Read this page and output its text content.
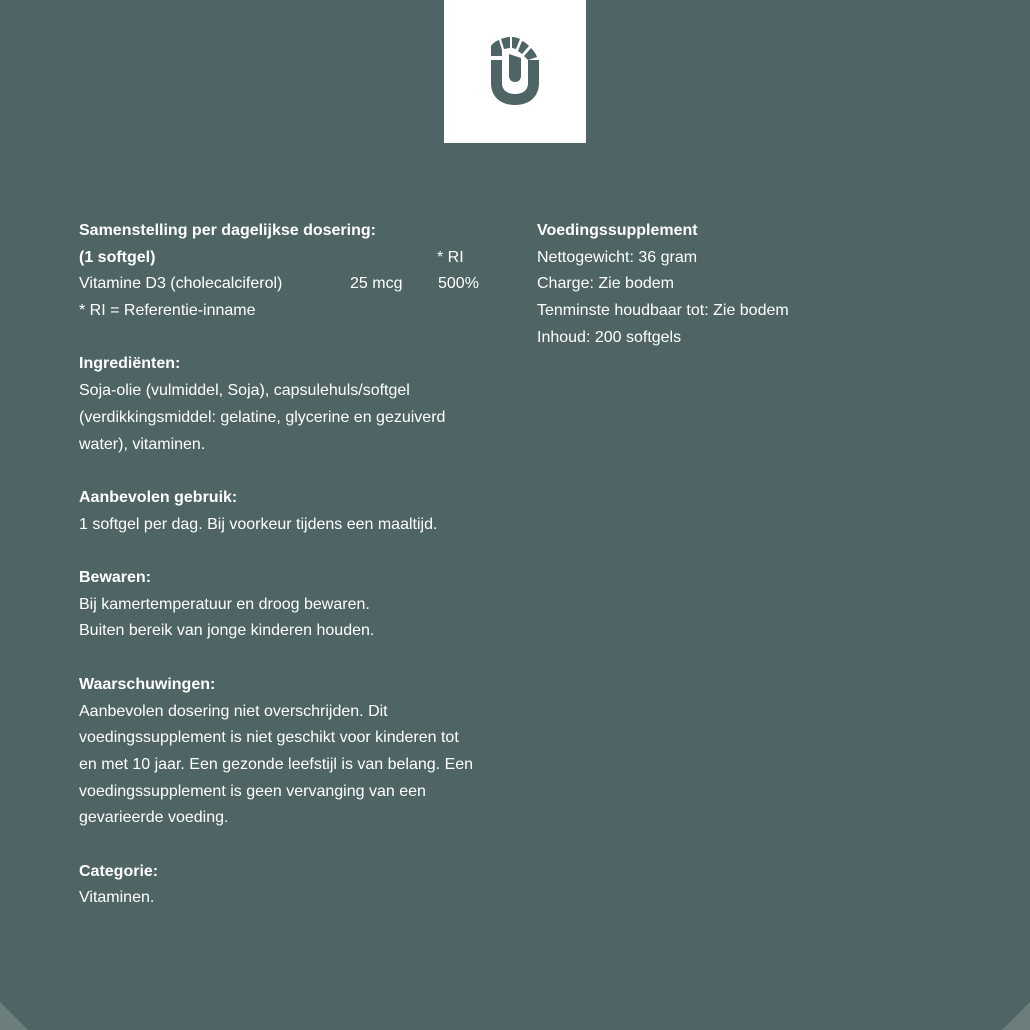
Samenstelling per dagelijkse dosering:
(1 softgel)	* RI
Vitamine D3 (cholecalciferol)	25 mcg 500%
* RI = Referentie-inname
Ingrediënten:
Soja-olie (vulmiddel, Soja), capsulehuls/softgel
(verdikkingsmiddel: gelatine, glycerine en gezuiverd
water), vitaminen.
Aanbevolen gebruik:
1 softgel per dag. Bij voorkeur tijdens een maaltijd.
Bewaren:
Bij kamertemperatuur en droog bewaren.
Buiten bereik van jonge kinderen houden.
Waarschuwingen:
Aanbevolen dosering niet overschrijden. Dit
voedingssupplement is niet geschikt voor kinderen tot
en met 10 jaar. Een gezonde leefstijl is van belang. Een
voedingssupplement is geen vervanging van een
gevarieerde voeding.
Categorie:
Vitaminen.
Voedingssupplement
Nettogewicht: 36 gram
Charge: Zie bodem
Tenminste houdbaar tot: Zie bodem
Inhoud: 200 softgels
